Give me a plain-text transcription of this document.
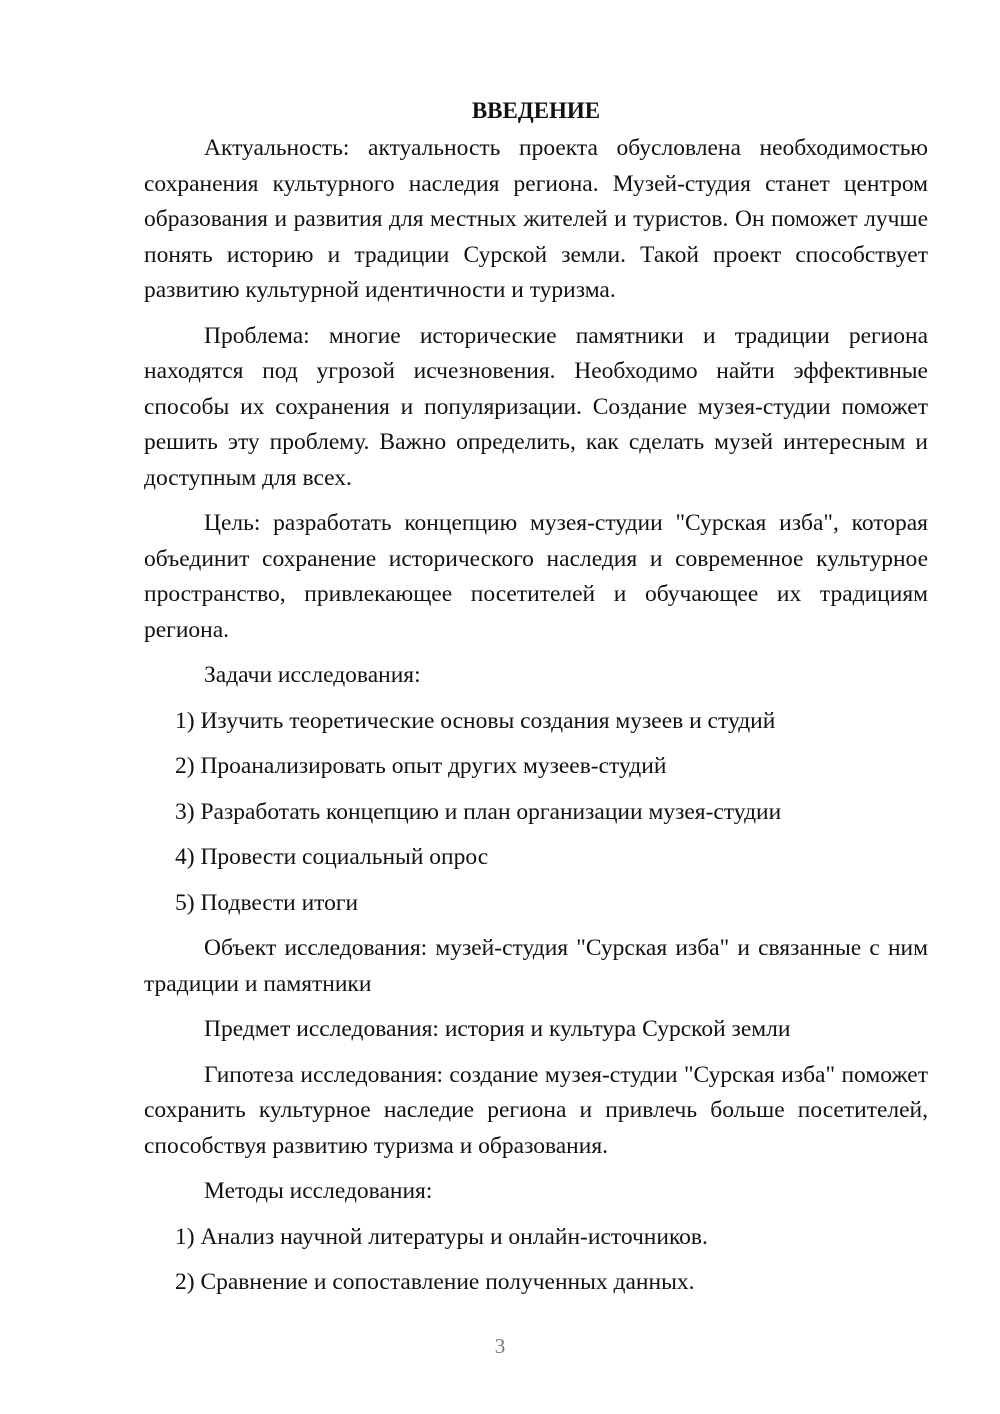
ВВЕДЕНИЕ

Актуальность: актуальность проекта обусловлена необходимостью сохранения культурного наследия региона. Музей-студия станет центром образования и развития для местных жителей и туристов. Он поможет лучше понять историю и традиции Сурской земли. Такой проект способствует развитию культурной идентичности и туризма.

Проблема: многие исторические памятники и традиции региона находятся под угрозой исчезновения. Необходимо найти эффективные способы их сохранения и популяризации. Создание музея-студии поможет решить эту проблему. Важно определить, как сделать музей интересным и доступным для всех.

Цель: разработать концепцию музея-студии "Сурская изба", которая объединит сохранение исторического наследия и современное культурное пространство, привлекающее посетителей и обучающее их традициям региона.

Задачи исследования:

1) Изучить теоретические основы создания музеев и студий
2) Проанализировать опыт других музеев-студий
3) Разработать концепцию и план организации музея-студии
4) Провести социальный опрос
5) Подвести итоги

Объект исследования: музей-студия "Сурская изба" и связанные с ним традиции и памятники

Предмет исследования: история и культура Сурской земли

Гипотеза исследования: создание музея-студии "Сурская изба" поможет сохранить культурное наследие региона и привлечь больше посетителей, способствуя развитию туризма и образования.

Методы исследования:

1) Анализ научной литературы и онлайн-источников.
2) Сравнение и сопоставление полученных данных.
3
